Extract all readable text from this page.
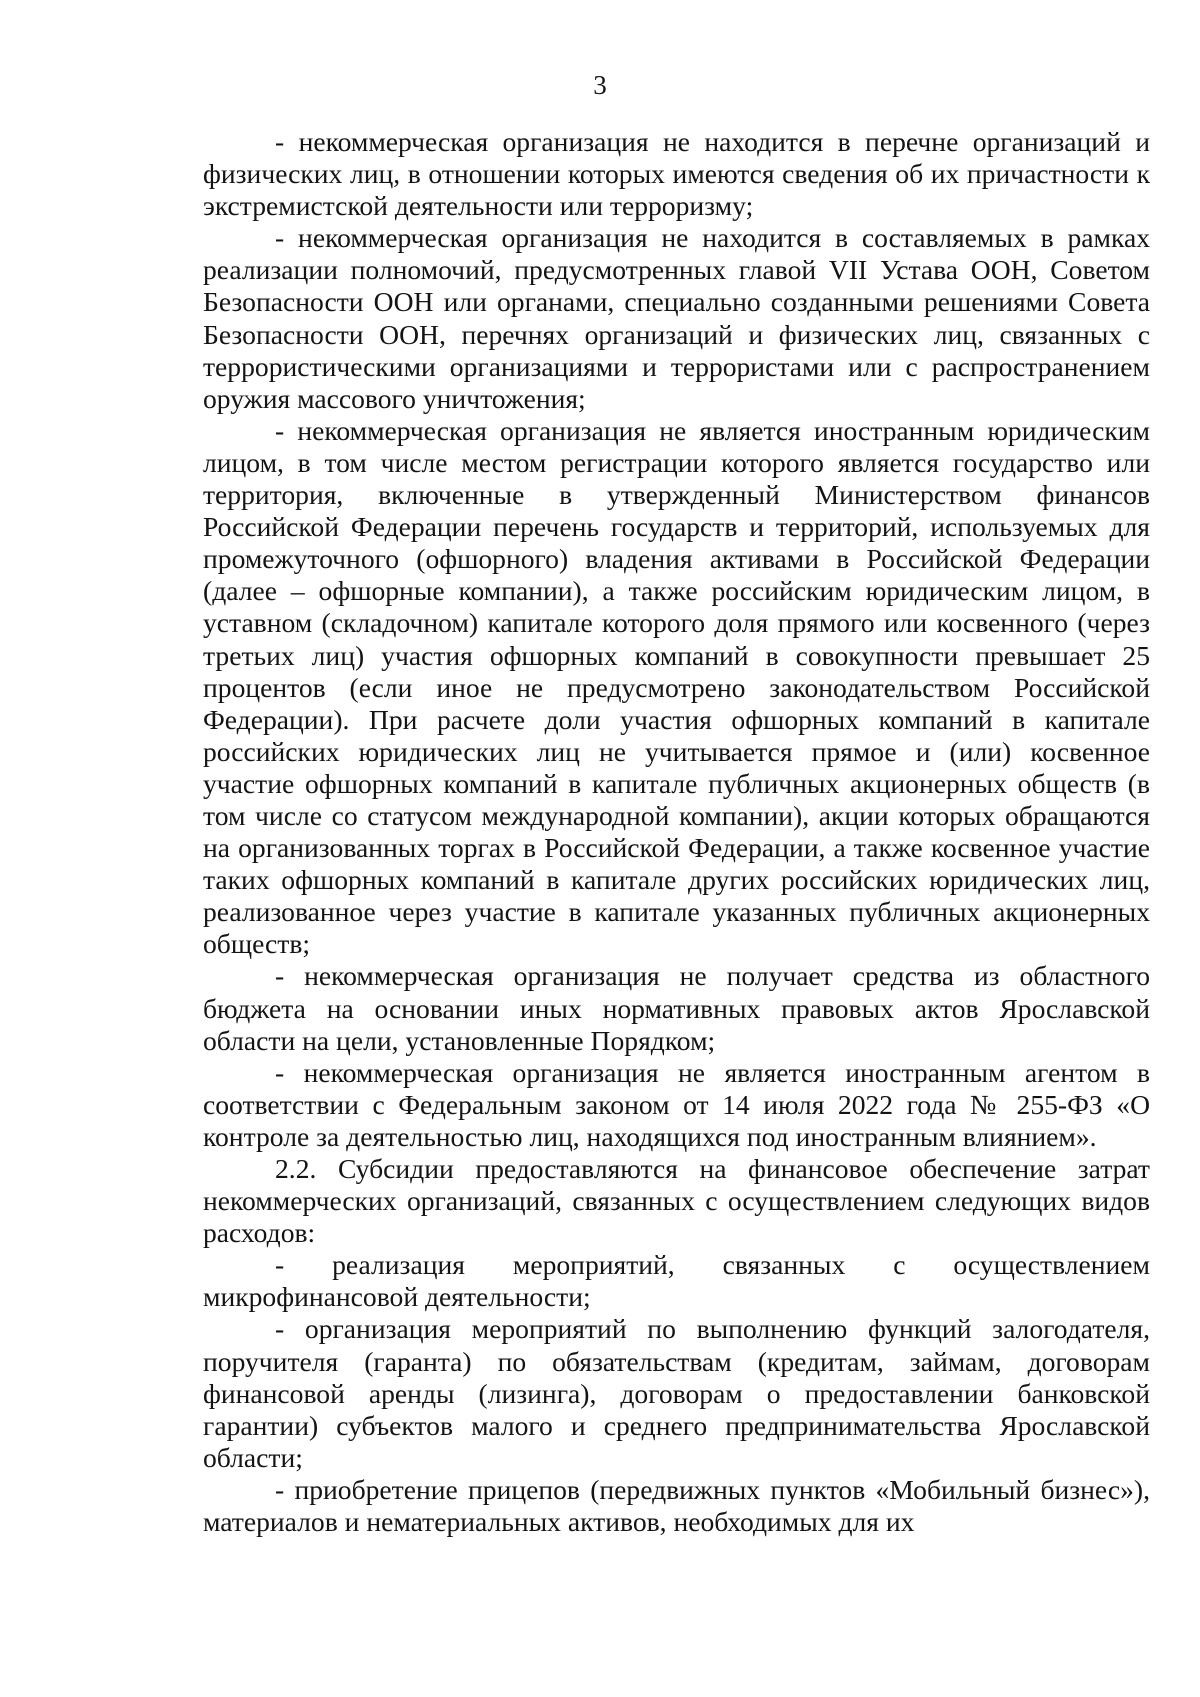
3

- некоммерческая организация не находится в перечне организаций и физических лиц, в отношении которых имеются сведения об их причастности к экстремистской деятельности или терроризму;

- некоммерческая организация не находится в составляемых в рамках реализации полномочий, предусмотренных главой VII Устава ООН, Советом Безопасности ООН или органами, специально созданными решениями Совета Безопасности ООН, перечнях организаций и физических лиц, связанных с террористическими организациями и террористами или с распространением оружия массового уничтожения;

- некоммерческая организация не является иностранным юридическим лицом, в том числе местом регистрации которого является государство или территория, включенные в утвержденный Министерством финансов Российской Федерации перечень государств и территорий, используемых для промежуточного (офшорного) владения активами в Российской Федерации (далее – офшорные компании), а также российским юридическим лицом, в уставном (складочном) капитале которого доля прямого или косвенного (через третьих лиц) участия офшорных компаний в совокупности превышает 25 процентов (если иное не предусмотрено законодательством Российской Федерации). При расчете доли участия офшорных компаний в капитале российских юридических лиц не учитывается прямое и (или) косвенное участие офшорных компаний в капитале публичных акционерных обществ (в том числе со статусом международной компании), акции которых обращаются на организованных торгах в Российской Федерации, а также косвенное участие таких офшорных компаний в капитале других российских юридических лиц, реализованное через участие в капитале указанных публичных акционерных обществ;

- некоммерческая организация не получает средства из областного бюджета на основании иных нормативных правовых актов Ярославской области на цели, установленные Порядком;

- некоммерческая организация не является иностранным агентом в соответствии с Федеральным законом от 14 июля 2022 года № 255-ФЗ «О контроле за деятельностью лиц, находящихся под иностранным влиянием».

2.2. Субсидии предоставляются на финансовое обеспечение затрат некоммерческих организаций, связанных с осуществлением следующих видов расходов:

- реализация мероприятий, связанных с осуществлением микрофинансовой деятельности;

- организация мероприятий по выполнению функций залогодателя, поручителя (гаранта) по обязательствам (кредитам, займам, договорам финансовой аренды (лизинга), договорам о предоставлении банковской гарантии) субъектов малого и среднего предпринимательства Ярославской области;

- приобретение прицепов (передвижных пунктов «Мобильный бизнес»), материалов и нематериальных активов, необходимых для их
